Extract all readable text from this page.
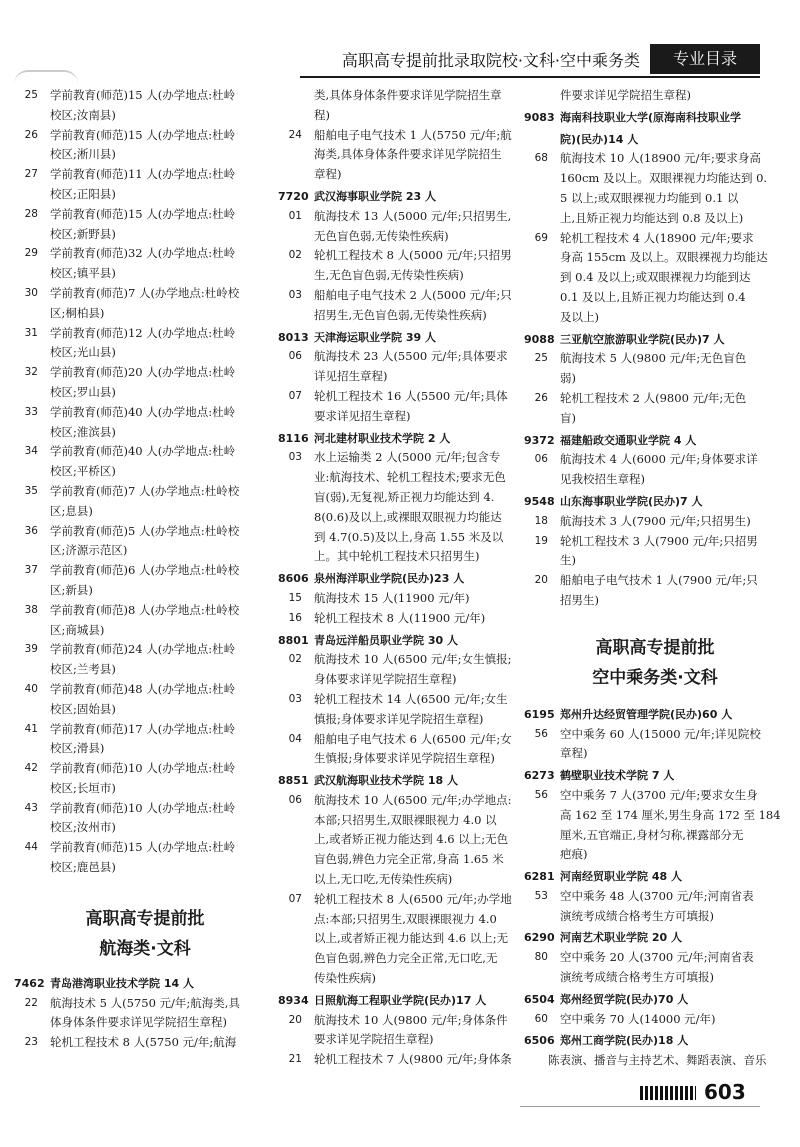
高职高专提前批录取院校·文科·空中乘务类	专业目录
25	学前教育(师范)15 人(办学地点:杜岭
校区;汝南县)
26	学前教育(师范)15 人(办学地点:杜岭
校区;淅川县)
27	学前教育(师范)11 人(办学地点:杜岭
校区;正阳县)
28	学前教育(师范)15 人(办学地点:杜岭
校区;新野县)
29	学前教育(师范)32 人(办学地点:杜岭
校区;镇平县)
30	学前教育(师范)7 人(办学地点:杜岭校
区;桐柏县)
31	学前教育(师范)12 人(办学地点:杜岭
校区;光山县)
32	学前教育(师范)20 人(办学地点:杜岭
校区;罗山县)
33	学前教育(师范)40 人(办学地点:杜岭
校区;淮滨县)
34	学前教育(师范)40 人(办学地点:杜岭
校区;平桥区)
35	学前教育(师范)7 人(办学地点:杜岭校
区;息县)
36	学前教育(师范)5 人(办学地点:杜岭校
区;济源示范区)
37	学前教育(师范)6 人(办学地点:杜岭校
区;新县)
38	学前教育(师范)8 人(办学地点:杜岭校
区;商城县)
39	学前教育(师范)24 人(办学地点:杜岭
校区;兰考县)
40	学前教育(师范)48 人(办学地点:杜岭
校区;固始县)
41	学前教育(师范)17 人(办学地点:杜岭
校区;滑县)
42	学前教育(师范)10 人(办学地点:杜岭
校区;长垣市)
43	学前教育(师范)10 人(办学地点:杜岭
校区;汝州市)
44	学前教育(师范)15 人(办学地点:杜岭
校区;鹿邑县)
高职高专提前批
航海类·文科
7462 青岛港湾职业技术学院 14 人
22	航海技术 5 人(5750 元/年;航海类,具
体身体条件要求详见学院招生章程)
23	轮机工程技术 8 人(5750 元/年;航海
类,具体身体条件要求详见学院招生章
程)
24	船舶电子电气技术 1 人(5750 元/年;航
海类,具体身体条件要求详见学院招生
章程)
7720 武汉海事职业学院 23 人
01	航海技术 13 人(5000 元/年;只招男生,
无色盲色弱,无传染性疾病)
02	轮机工程技术 8 人(5000 元/年;只招男
生,无色盲色弱,无传染性疾病)
03	船舶电子电气技术 2 人(5000 元/年;只
招男生,无色盲色弱,无传染性疾病)
8013 天津海运职业学院 39 人
06	航海技术 23 人(5500 元/年;具体要求
详见招生章程)
07	轮机工程技术 16 人(5500 元/年;具体
要求详见招生章程)
8116 河北建材职业技术学院 2 人
03	水上运输类 2 人(5000 元/年;包含专
业:航海技术、轮机工程技术;要求无色
盲(弱),无复视,矫正视力均能达到 4.
8(0.6)及以上,或裸眼双眼视力均能达
到 4.7(0.5)及以上,身高 1.55 米及以
上。其中轮机工程技术只招男生)
8606 泉州海洋职业学院(民办)23 人
15	航海技术 15 人(11900 元/年)
16	轮机工程技术 8 人(11900 元/年)
8801 青岛远洋船员职业学院 30 人
02	航海技术 10 人(6500 元/年;女生慎报;
身体要求详见学院招生章程)
03	轮机工程技术 14 人(6500 元/年;女生
慎报;身体要求详见学院招生章程)
04	船舶电子电气技术 6 人(6500 元/年;女
生慎报;身体要求详见学院招生章程)
8851 武汉航海职业技术学院 18 人
06	航海技术 10 人(6500 元/年;办学地点:
本部;只招男生,双眼裸眼视力 4.0 以
上,或者矫正视力能达到 4.6 以上;无色
盲色弱,辨色力完全正常,身高 1.65 米
以上,无口吃,无传染性疾病)
07	轮机工程技术 8 人(6500 元/年;办学地
点:本部;只招男生,双眼裸眼视力 4.0
以上,或者矫正视力能达到 4.6 以上;无
色盲色弱,辨色力完全正常,无口吃,无
传染性疾病)
8934 日照航海工程职业学院(民办)17 人
20	航海技术 10 人(9800 元/年;身体条件
要求详见学院招生章程)
21	轮机工程技术 7 人(9800 元/年;身体条
件要求详见学院招生章程)
9083 海南科技职业大学(原海南科技职业学
院)(民办)14 人
68	航海技术 10 人(18900 元/年;要求身高
160cm 及以上。双眼裸视力均能达到 0.
5 以上;或双眼裸视力均能到 0.1 以
上,且矫正视力均能达到 0.8 及以上)
69	轮机工程技术 4 人(18900 元/年;要求
身高 155cm 及以上。双眼裸视力均能达
到 0.4 及以上;或双眼裸视力均能到达
0.1 及以上,且矫正视力均能达到 0.4
及以上)
9088 三亚航空旅游职业学院(民办)7 人
25	航海技术 5 人(9800 元/年;无色盲色
弱)
26	轮机工程技术 2 人(9800 元/年;无色
盲)
9372 福建船政交通职业学院 4 人
06	航海技术 4 人(6000 元/年;身体要求详
见我校招生章程)
9548 山东海事职业学院(民办)7 人
18	航海技术 3 人(7900 元/年;只招男生)
19	轮机工程技术 3 人(7900 元/年;只招男
生)
20	船舶电子电气技术 1 人(7900 元/年;只
招男生)
高职高专提前批
空中乘务类·文科
6195 郑州升达经贸管理学院(民办)60 人
56	空中乘务 60 人(15000 元/年;详见院校
章程)
6273 鹤壁职业技术学院 7 人
56	空中乘务 7 人(3700 元/年;要求女生身
高 162 至 174 厘米,男生身高 172 至 184
厘米,五官端正,身材匀称,裸露部分无
疤痕)
6281 河南经贸职业学院 48 人
53	空中乘务 48 人(3700 元/年;河南省表
演统考成绩合格考生方可填报)
6290 河南艺术职业学院 20 人
80	空中乘务 20 人(3700 元/年;河南省表
演统考成绩合格考生方可填报)
6504 郑州经贸学院(民办)70 人
60	空中乘务 70 人(14000 元/年)
6506 郑州工商学院(民办)18 人
陈表演、播音与主持艺术、舞蹈表演、音乐
603
